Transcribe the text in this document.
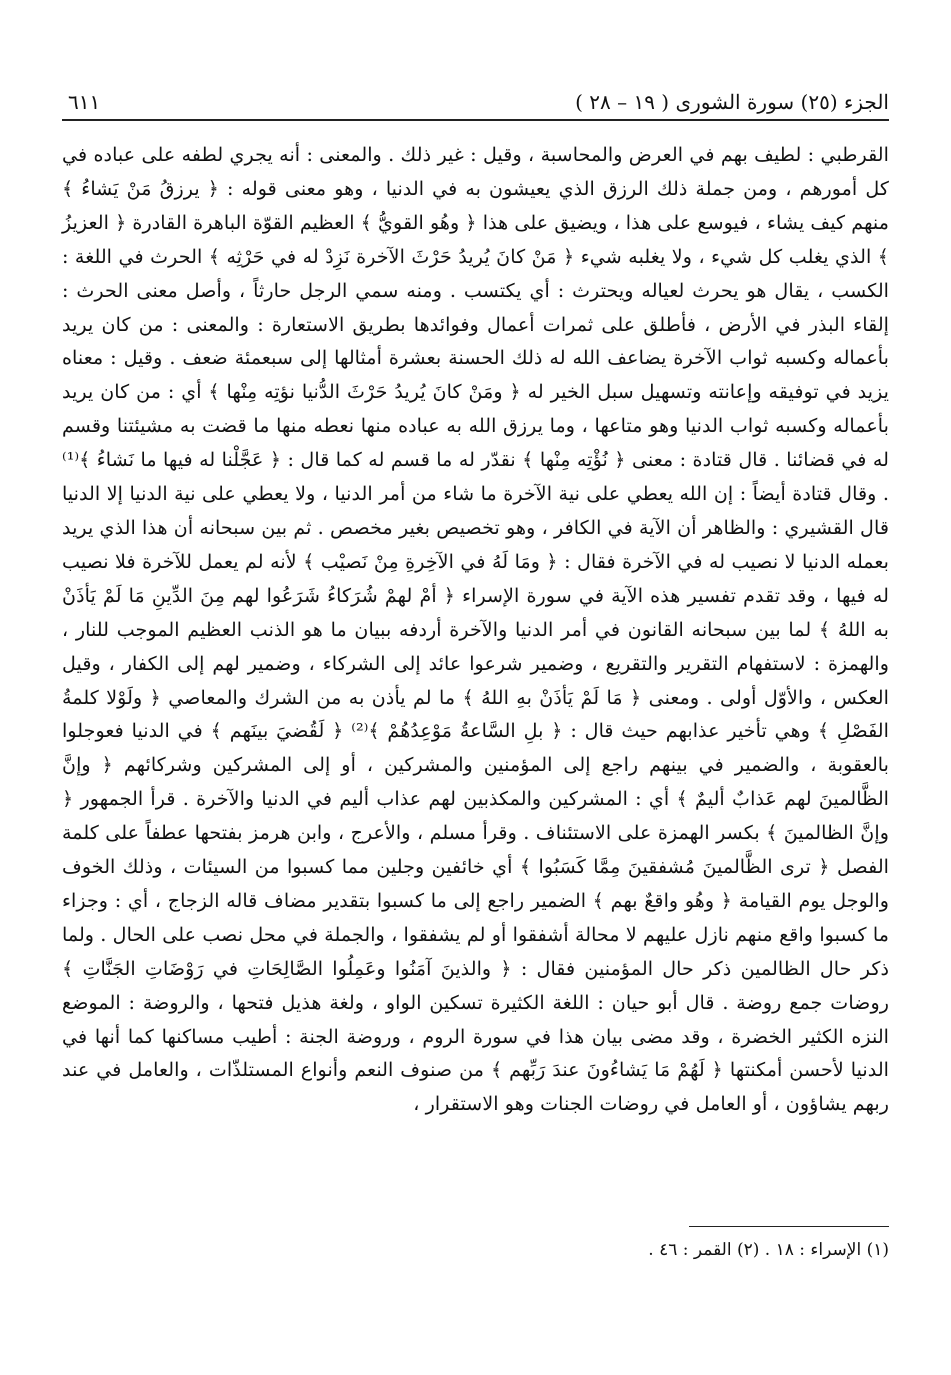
الجزء (٢٥) سورة الشورى ( ١٩ – ٢٨ )
٦١١

القرطبي : لطيف بهم في العرض والمحاسبة ، وقيل : غير ذلك . والمعنى : أنه يجري لطفه على عباده في كل أمورهم ، ومن جملة ذلك الرزق الذي يعيشون به في الدنيا ، وهو معنى قوله : ﴿ يرزقُ مَنْ يَشاءُ ﴾ منهم كيف يشاء ، فيوسع على هذا ، ويضيق على هذا ﴿ وهُو القويُّ ﴾ العظيم القوّة الباهرة القادرة ﴿ العزيزُ ﴾ الذي يغلب كل شيء ، ولا يغلبه شيء ﴿ مَنْ كانَ يُريدُ حَرْثَ الآخرة نَزِدْ له في حَرْثِه ﴾ الحرث في اللغة : الكسب ، يقال هو يحرث لعياله ويحترث : أي يكتسب . ومنه سمي الرجل حارثاً ، وأصل معنى الحرث : إلقاء البذر في الأرض ، فأطلق على ثمرات أعمال وفوائدها بطريق الاستعارة : والمعنى : من كان يريد بأعماله وكسبه ثواب الآخرة يضاعف الله له ذلك الحسنة بعشرة أمثالها إلى سبعمئة ضعف . وقيل : معناه يزيد في توفيقه وإعانته وتسهيل سبل الخير له ﴿ ومَنْ كانَ يُريدُ حَرْثَ الدُّنيا نؤتِه مِنْها ﴾ أي : من كان يريد بأعماله وكسبه ثواب الدنيا وهو متاعها ، وما يرزق الله به عباده منها نعطه منها ما قضت به مشيئتنا وقسم له في قضائنا . قال قتادة : معنى ﴿ نُؤْتِه مِنْها ﴾ نقدّر له ما قسم له كما قال : ﴿ عَجَّلْنا له فيها ما نَشاءُ ﴾⁽¹⁾ . وقال قتادة أيضاً : إن الله يعطي على نية الآخرة ما شاء من أمر الدنيا ، ولا يعطي على نية الدنيا إلا الدنيا قال القشيري : والظاهر أن الآية في الكافر ، وهو تخصيص بغير مخصص . ثم بين سبحانه أن هذا الذي يريد بعمله الدنيا لا نصيب له في الآخرة فقال : ﴿ ومَا لَهُ في الآخِرةِ مِنْ نَصيْب ﴾ لأنه لم يعمل للآخرة فلا نصيب له فيها ، وقد تقدم تفسير هذه الآية في سورة الإسراء ﴿ أمْ لهمْ شُرَكاءُ شَرَعُوا لهم مِنَ الدِّينِ مَا لَمْ يَأذَنْ به اللهُ ﴾ لما بين سبحانه القانون في أمر الدنيا والآخرة أردفه ببيان ما هو الذنب العظيم الموجب للنار ، والهمزة : لاستفهام التقرير والتقريع ، وضمير شرعوا عائد إلى الشركاء ، وضمير لهم إلى الكفار ، وقيل العكس ، والأوّل أولى . ومعنى ﴿ مَا لَمْ يَأذَنْ بهِ اللهُ ﴾ ما لم يأذن به من الشرك والمعاصي ﴿ ولَوْلا كلمةُ الفَصْلِ ﴾ وهي تأخير عذابهم حيث قال : ﴿ بلِ السَّاعةُ مَوْعِدُهُمْ ﴾⁽²⁾ ﴿ لَقُضيَ بينَهم ﴾ في الدنيا فعوجلوا بالعقوبة ، والضمير في بينهم راجع إلى المؤمنين والمشركين ، أو إلى المشركين وشركائهم ﴿ وإنَّ الظَّالمينَ لهم عَذابٌ أليمٌ ﴾ أي : المشركين والمكذبين لهم عذاب أليم في الدنيا والآخرة . قرأ الجمهور ﴿ وإنَّ الظالمينَ ﴾ بكسر الهمزة على الاستئناف . وقرأ مسلم ، والأعرج ، وابن هرمز بفتحها عطفاً على كلمة الفصل ﴿ ترى الظَّالمينَ مُشفقينَ مِمَّا كَسَبُوا ﴾ أي خائفين وجلين مما كسبوا من السيئات ، وذلك الخوف والوجل يوم القيامة ﴿ وهُو واقعٌ بهم ﴾ الضمير راجع إلى ما كسبوا بتقدير مضاف قاله الزجاج ، أي : وجزاء ما كسبوا واقع منهم نازل عليهم لا محالة أشفقوا أو لم يشفقوا ، والجملة في محل نصب على الحال . ولما ذكر حال الظالمين ذكر حال المؤمنين فقال : ﴿ والذينَ آمَنُوا وعَمِلُوا الصَّالِحَاتِ في رَوْضَاتِ الجَنَّاتِ ﴾ روضات جمع روضة . قال أبو حيان : اللغة الكثيرة تسكين الواو ، ولغة هذيل فتحها ، والروضة : الموضع النزه الكثير الخضرة ، وقد مضى بيان هذا في سورة الروم ، وروضة الجنة : أطيب مساكنها كما أنها في الدنيا لأحسن أمكنتها ﴿ لَهُمْ مَا يَشاءُونَ عندَ رَبِّهم ﴾ من صنوف النعم وأنواع المستلذّات ، والعامل في عند ربهم يشاؤون ، أو العامل في روضات الجنات وهو الاستقرار ،

(١) الإسراء : ١٨ . (٢) القمر : ٤٦ .
